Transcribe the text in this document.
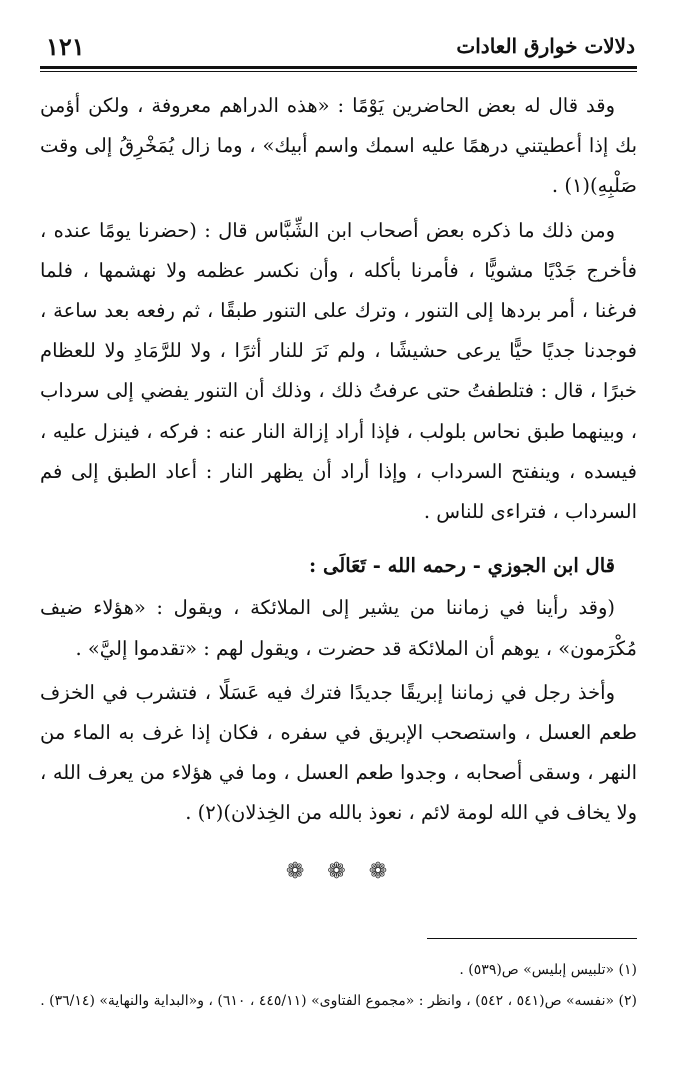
١٢١	دلالات خوارق العادات

وقد قال له بعض الحاضرين يَوْمًا : «هذه الدراهم معروفة ، ولكن أؤمن بك إذا أعطيتني درهمًا عليه اسمك واسم أبيك» ، وما زال يُمَخْرِقُ إلى وقت صَلْبِهِ)(١) .

ومن ذلك ما ذكره بعض أصحاب ابن الشِّبَّاس قال : (حضرنا يومًا عنده ، فأخرج جَدْيًا مشويًّا ، فأمرنا بأكله ، وأن نكسر عظمه ولا نهشمها ، فلما فرغنا ، أمر بردها إلى التنور ، وترك على التنور طبقًا ، ثم رفعه بعد ساعة ، فوجدنا جديًا حيًّا يرعى حشيشًا ، ولم نَرَ للنار أثرًا ، ولا للرَّمَادِ ولا للعظام خبرًا ، قال : فتلطفتُ حتى عرفتُ ذلك ، وذلك أن التنور يفضي إلى سرداب ، وبينهما طبق نحاس بلولب ، فإذا أراد إزالة النار عنه : فركه ، فينزل عليه ، فيسده ، وينفتح السرداب ، وإذا أراد أن يظهر النار : أعاد الطبق إلى فم السرداب ، فتراءى للناس .

قال ابن الجوزي - رحمه الله - تَعَالَى :

(وقد رأينا في زماننا من يشير إلى الملائكة ، ويقول : «هؤلاء ضيف مُكْرَمون» ، يوهم أن الملائكة قد حضرت ، ويقول لهم : «تقدموا إليَّ» .

وأخذ رجل في زماننا إبريقًا جديدًا فترك فيه عَسَلًا ، فتشرب في الخزف طعم العسل ، واستصحب الإبريق في سفره ، فكان إذا غرف به الماء من النهر ، وسقى أصحابه ، وجدوا طعم العسل ، وما في هؤلاء من يعرف الله ، ولا يخاف في الله لومة لائم ، نعوذ بالله من الخِذلان)(٢) .

❁ ❁ ❁

(١) «تلبيس إبليس» ص(٥٣٩) .

(٢) «نفسه» ص(٥٤١ ، ٥٤٢) ، وانظر : «مجموع الفتاوى» (٤٤٥/١١ ، ٦١٠) ، و«البداية والنهاية» (٣٦/١٤) .
